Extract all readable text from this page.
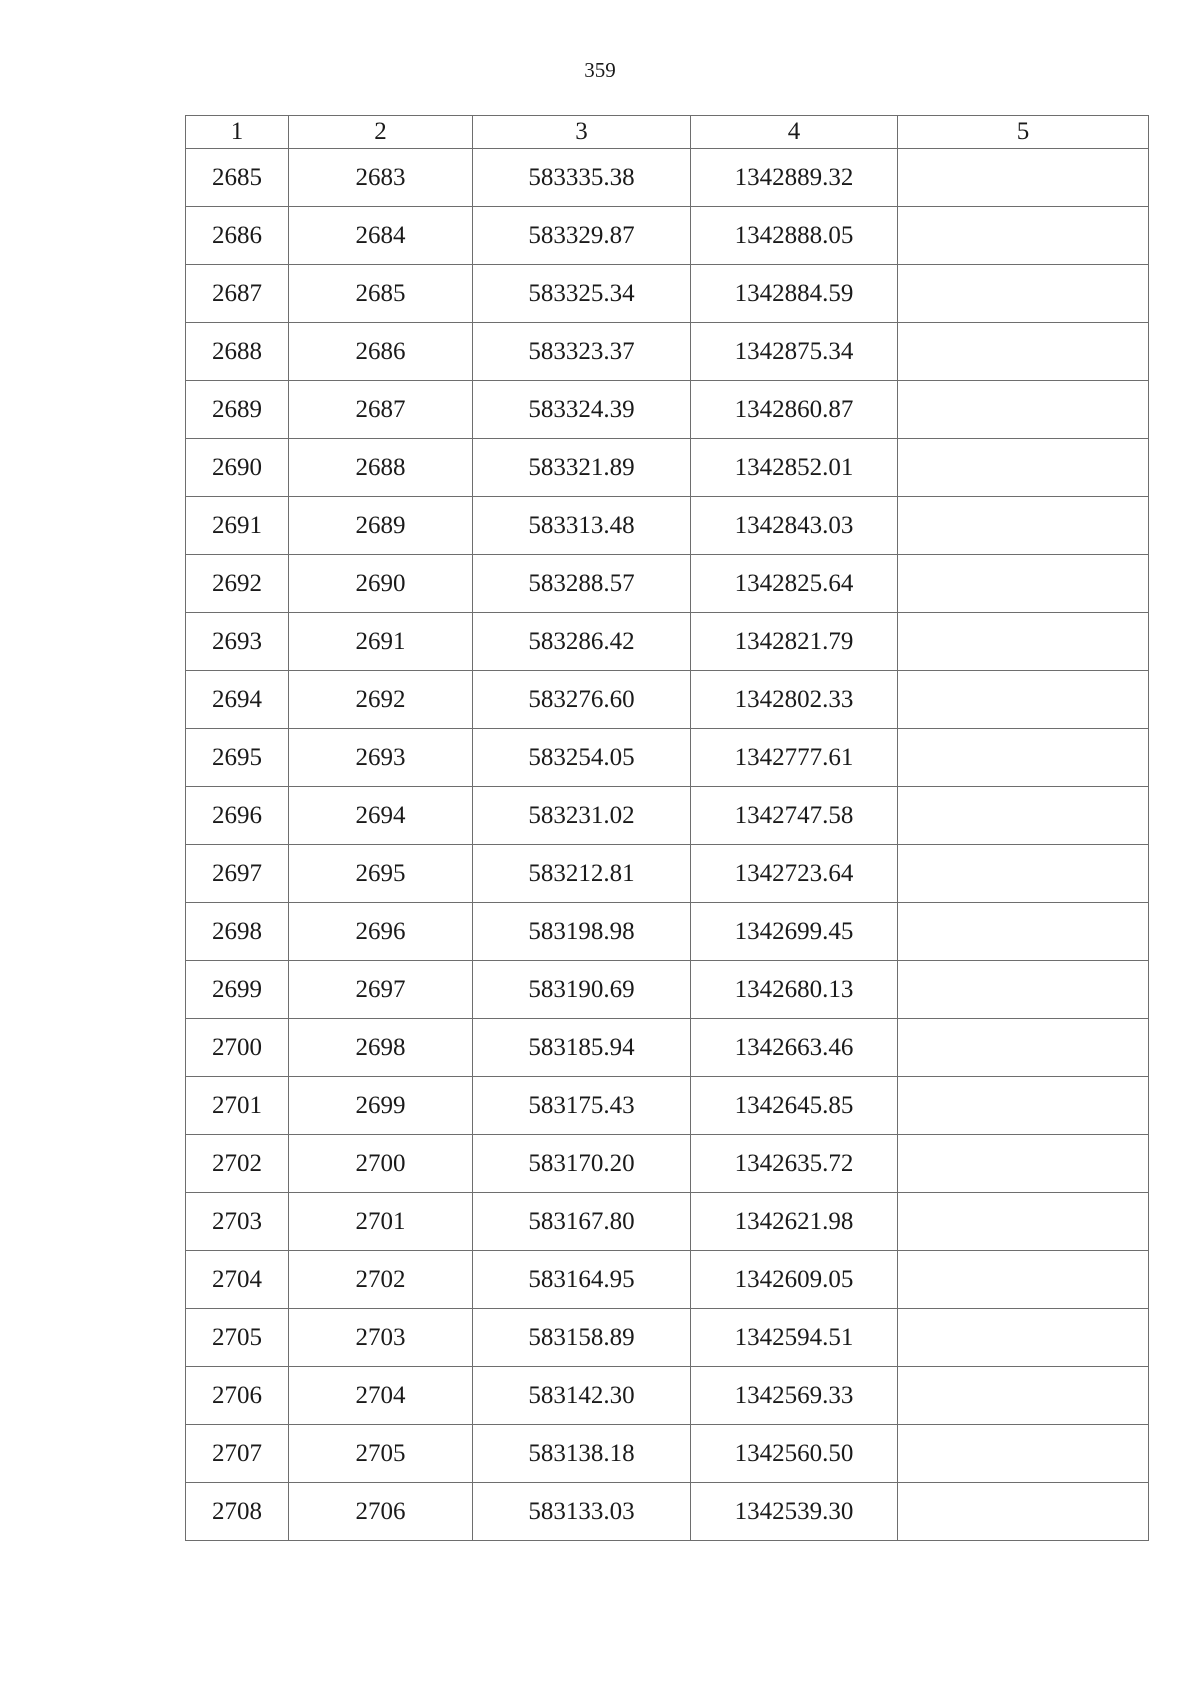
359
1	2	3	4	5
2685	2683	583335.38	1342889.32	
2686	2684	583329.87	1342888.05	
2687	2685	583325.34	1342884.59	
2688	2686	583323.37	1342875.34	
2689	2687	583324.39	1342860.87	
2690	2688	583321.89	1342852.01	
2691	2689	583313.48	1342843.03	
2692	2690	583288.57	1342825.64	
2693	2691	583286.42	1342821.79	
2694	2692	583276.60	1342802.33	
2695	2693	583254.05	1342777.61	
2696	2694	583231.02	1342747.58	
2697	2695	583212.81	1342723.64	
2698	2696	583198.98	1342699.45	
2699	2697	583190.69	1342680.13	
2700	2698	583185.94	1342663.46	
2701	2699	583175.43	1342645.85	
2702	2700	583170.20	1342635.72	
2703	2701	583167.80	1342621.98	
2704	2702	583164.95	1342609.05	
2705	2703	583158.89	1342594.51	
2706	2704	583142.30	1342569.33	
2707	2705	583138.18	1342560.50	
2708	2706	583133.03	1342539.30	
